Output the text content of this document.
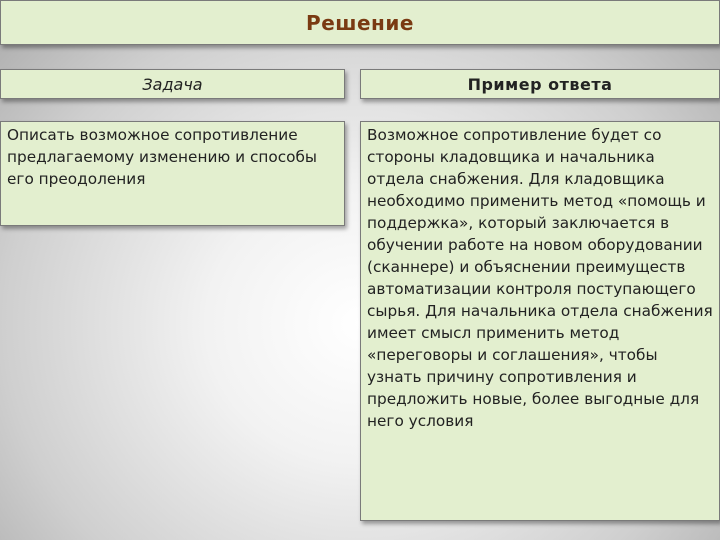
Решение
Задача	Пример ответа

Описать возможное сопротивление предлагаемому изменению и способы его преодоления

Возможное сопротивление будет со стороны кладовщика и начальника отдела снабжения. Для кладовщика необходимо применить метод «помощь и поддержка», который заключается в обучении работе на новом оборудовании (сканнере) и объяснении преимуществ автоматизации контроля поступающего сырья. Для начальника отдела снабжения имеет смысл применить метод «переговоры и соглашения», чтобы узнать причину сопротивления и предложить новые, более выгодные для него условия
